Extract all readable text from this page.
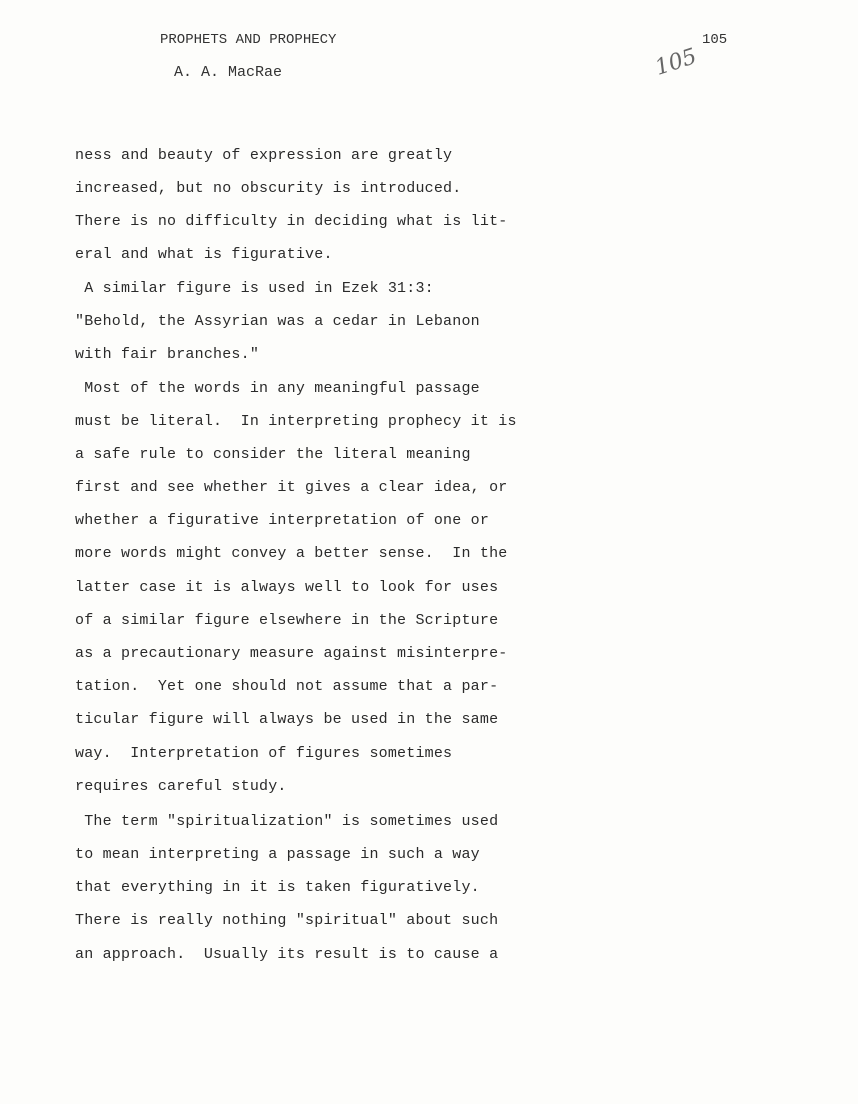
PROPHETS AND PROPHECY	105
A. A. MacRae	105
ness and beauty of expression are greatly
increased, but no obscurity is introduced.
There is no difficulty in deciding what is lit-
eral and what is figurative.
A similar figure is used in Ezek 31:3:
"Behold, the Assyrian was a cedar in Lebanon
with fair branches."
Most of the words in any meaningful passage
must be literal.  In interpreting prophecy it is
a safe rule to consider the literal meaning
first and see whether it gives a clear idea, or
whether a figurative interpretation of one or
more words might convey a better sense.  In the
latter case it is always well to look for uses
of a similar figure elsewhere in the Scripture
as a precautionary measure against misinterpre-
tation.  Yet one should not assume that a par-
ticular figure will always be used in the same
way.  Interpretation of figures sometimes
requires careful study.
The term "spiritualization" is sometimes used
to mean interpreting a passage in such a way
that everything in it is taken figuratively.
There is really nothing "spiritual" about such
an approach.  Usually its result is to cause a
